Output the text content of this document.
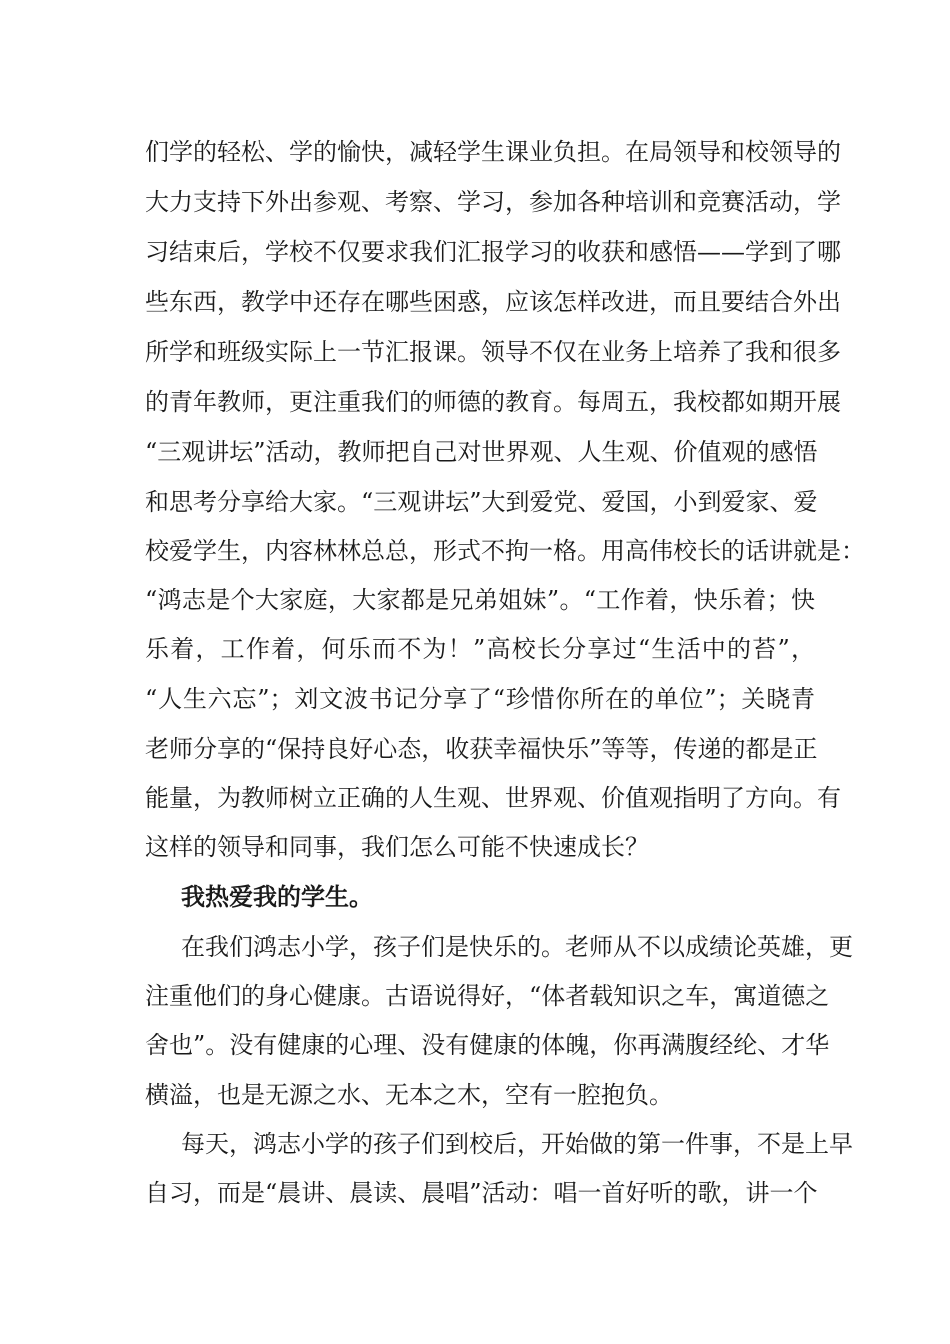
们学的轻松、学的愉快，减轻学生课业负担。在局领导和校领导的
大力支持下外出参观、考察、学习，参加各种培训和竞赛活动，学
习结束后，学校不仅要求我们汇报学习的收获和感悟——学到了哪
些东西，教学中还存在哪些困惑，应该怎样改进，而且要结合外出
所学和班级实际上一节汇报课。领导不仅在业务上培养了我和很多
的青年教师，更注重我们的师德的教育。每周五，我校都如期开展
“三观讲坛”活动，教师把自己对世界观、人生观、价值观的感悟
和思考分享给大家。“三观讲坛”大到爱党、爱国，小到爱家、爱
校爱学生，内容林林总总，形式不拘一格。用高伟校长的话讲就是：
“鸿志是个大家庭，大家都是兄弟姐妹”。“工作着，快乐着；快
乐着，工作着，何乐而不为！”高校长分享过“生活中的苔”，
“人生六忘”；刘文波书记分享了“珍惜你所在的单位”；关晓青
老师分享的“保持良好心态，收获幸福快乐”等等，传递的都是正
能量，为教师树立正确的人生观、世界观、价值观指明了方向。有
这样的领导和同事，我们怎么可能不快速成长？
我热爱我的学生。
在我们鸿志小学，孩子们是快乐的。老师从不以成绩论英雄，更
注重他们的身心健康。古语说得好，“体者载知识之车，寓道德之
舍也”。没有健康的心理、没有健康的体魄，你再满腹经纶、才华
横溢，也是无源之水、无本之木，空有一腔抱负。
每天，鸿志小学的孩子们到校后，开始做的第一件事，不是上早
自习，而是“晨讲、晨读、晨唱”活动：唱一首好听的歌，讲一个
